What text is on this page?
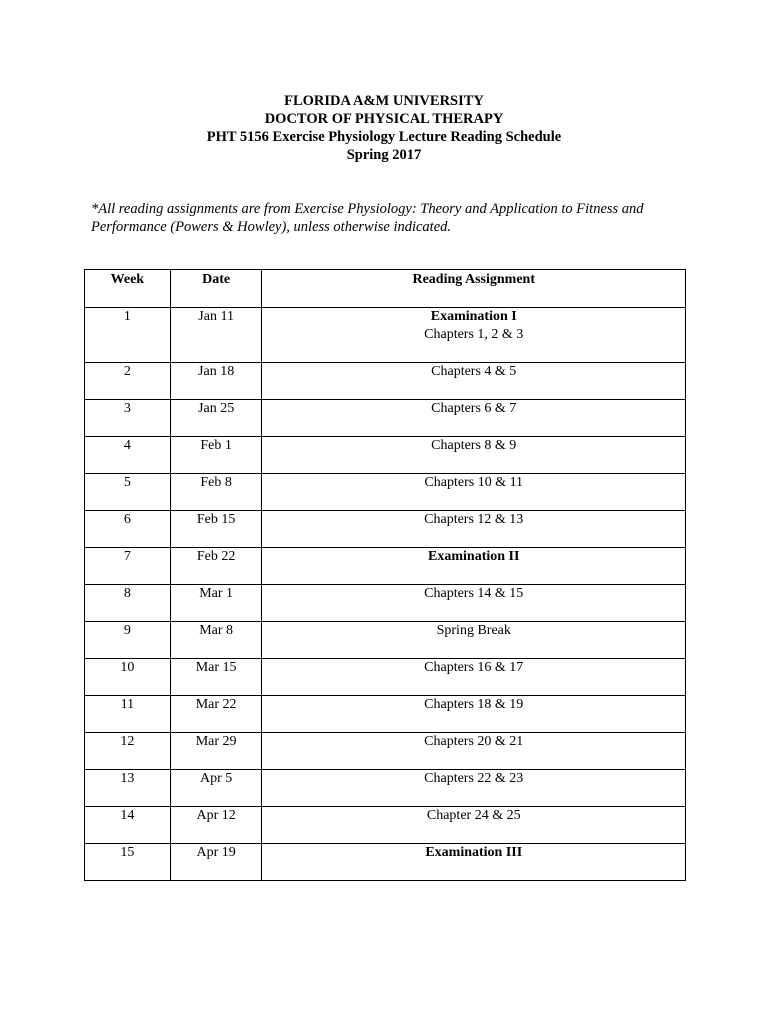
FLORIDA A&M UNIVERSITY
DOCTOR OF PHYSICAL THERAPY
PHT 5156 Exercise Physiology Lecture Reading Schedule
Spring 2017
*All reading assignments are from Exercise Physiology: Theory and Application to Fitness and Performance (Powers & Howley), unless otherwise indicated.
Week	Date	Reading Assignment
1	Jan 11	Examination I
Chapters 1, 2 & 3

2	Jan 18	Chapters 4 & 5

3	Jan 25	Chapters 6 & 7

4	Feb 1	Chapters 8 & 9

5	Feb 8	Chapters 10 & 11

6	Feb 15	Chapters 12 & 13

7	Feb 22	Examination II

8	Mar 1	Chapters 14 & 15

9	Mar 8	Spring Break

10	Mar 15	Chapters 16 & 17

11	Mar 22	Chapters 18 & 19

12	Mar 29	Chapters 20 & 21

13	Apr 5	Chapters 22 & 23

14	Apr 12	Chapter 24 & 25

15	Apr 19	Examination III
